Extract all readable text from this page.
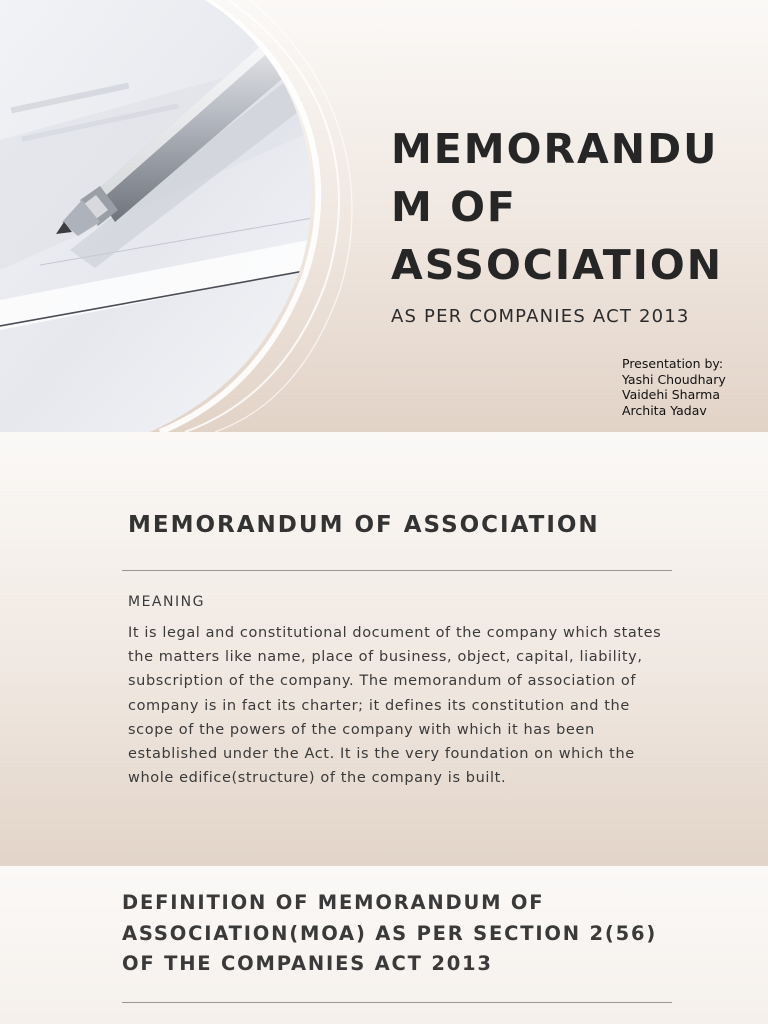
MEMORANDU
M OF
ASSOCIATION
AS PER COMPANIES ACT 2013
Presentation by:
Yashi Choudhary
Vaidehi Sharma
Archita Yadav
MEMORANDUM OF ASSOCIATION
MEANING
It is legal and constitutional document of the company which states the matters like name, place of business, object, capital, liability, subscription of the company. The memorandum of association of company is in fact its charter; it defines its constitution and the scope of the powers of the company with which it has been established under the Act. It is the very foundation on which the whole edifice(structure) of the company is built.
DEFINITION OF MEMORANDUM OF
ASSOCIATION(MOA) AS PER SECTION 2(56)
OF THE COMPANIES ACT 2013
